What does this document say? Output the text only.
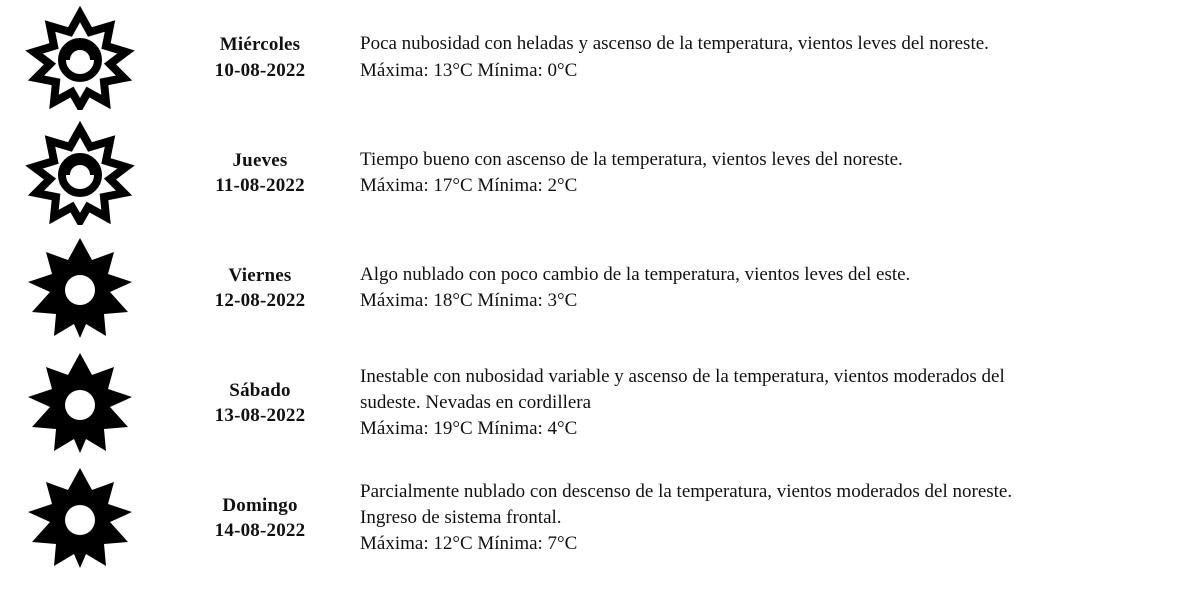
Miércoles
10-08-2022
Poca nubosidad con heladas y ascenso de la temperatura, vientos leves del noreste.
Máxima: 13°C Mínima: 0°C
Jueves
11-08-2022
Tiempo bueno con ascenso de la temperatura, vientos leves del noreste.
Máxima: 17°C Mínima: 2°C
Viernes
12-08-2022
Algo nublado con poco cambio de la temperatura, vientos leves del este.
Máxima: 18°C Mínima: 3°C
Sábado
13-08-2022
Inestable con nubosidad variable y ascenso de la temperatura, vientos moderados del
sudeste. Nevadas en cordillera
Máxima: 19°C Mínima: 4°C
Domingo
14-08-2022
Parcialmente nublado con descenso de la temperatura, vientos moderados del noreste.
Ingreso de sistema frontal.
Máxima: 12°C Mínima: 7°C
